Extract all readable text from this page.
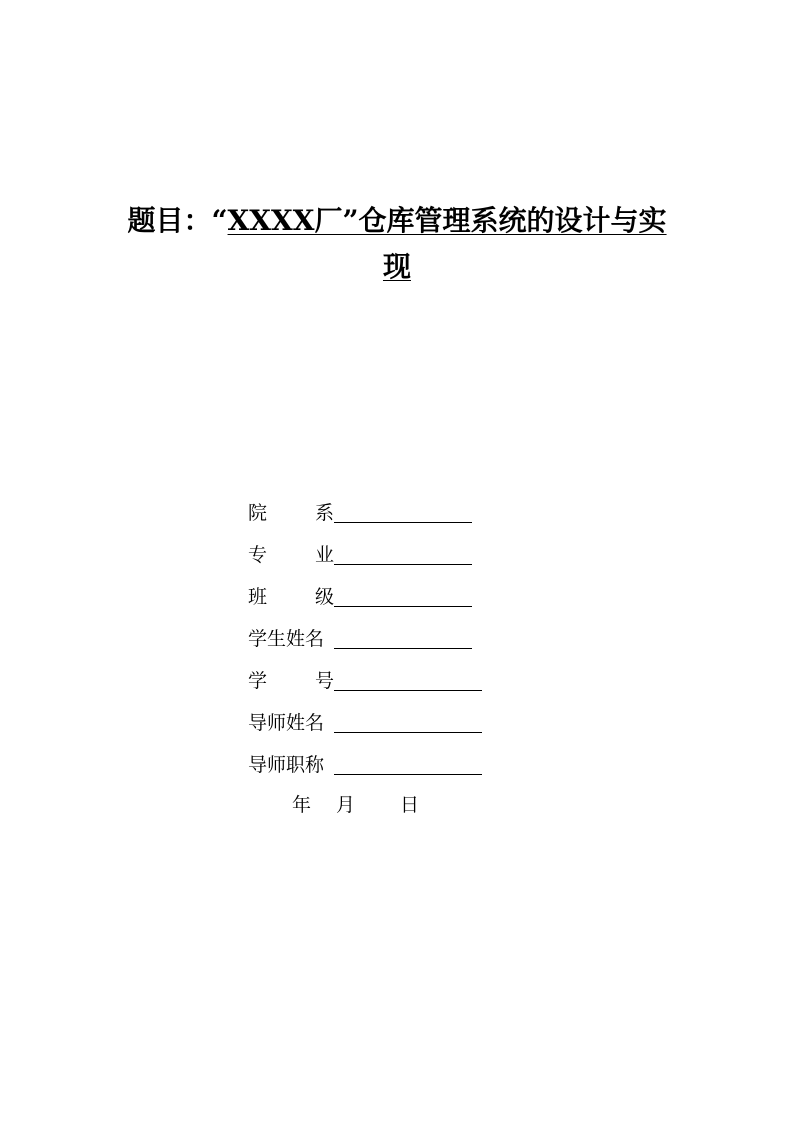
题目：“XXXX厂”仓库管理系统的设计与实现
院	系
专	业
班	级
学生姓名
学	号
导师姓名
导师职称
年 月 日
